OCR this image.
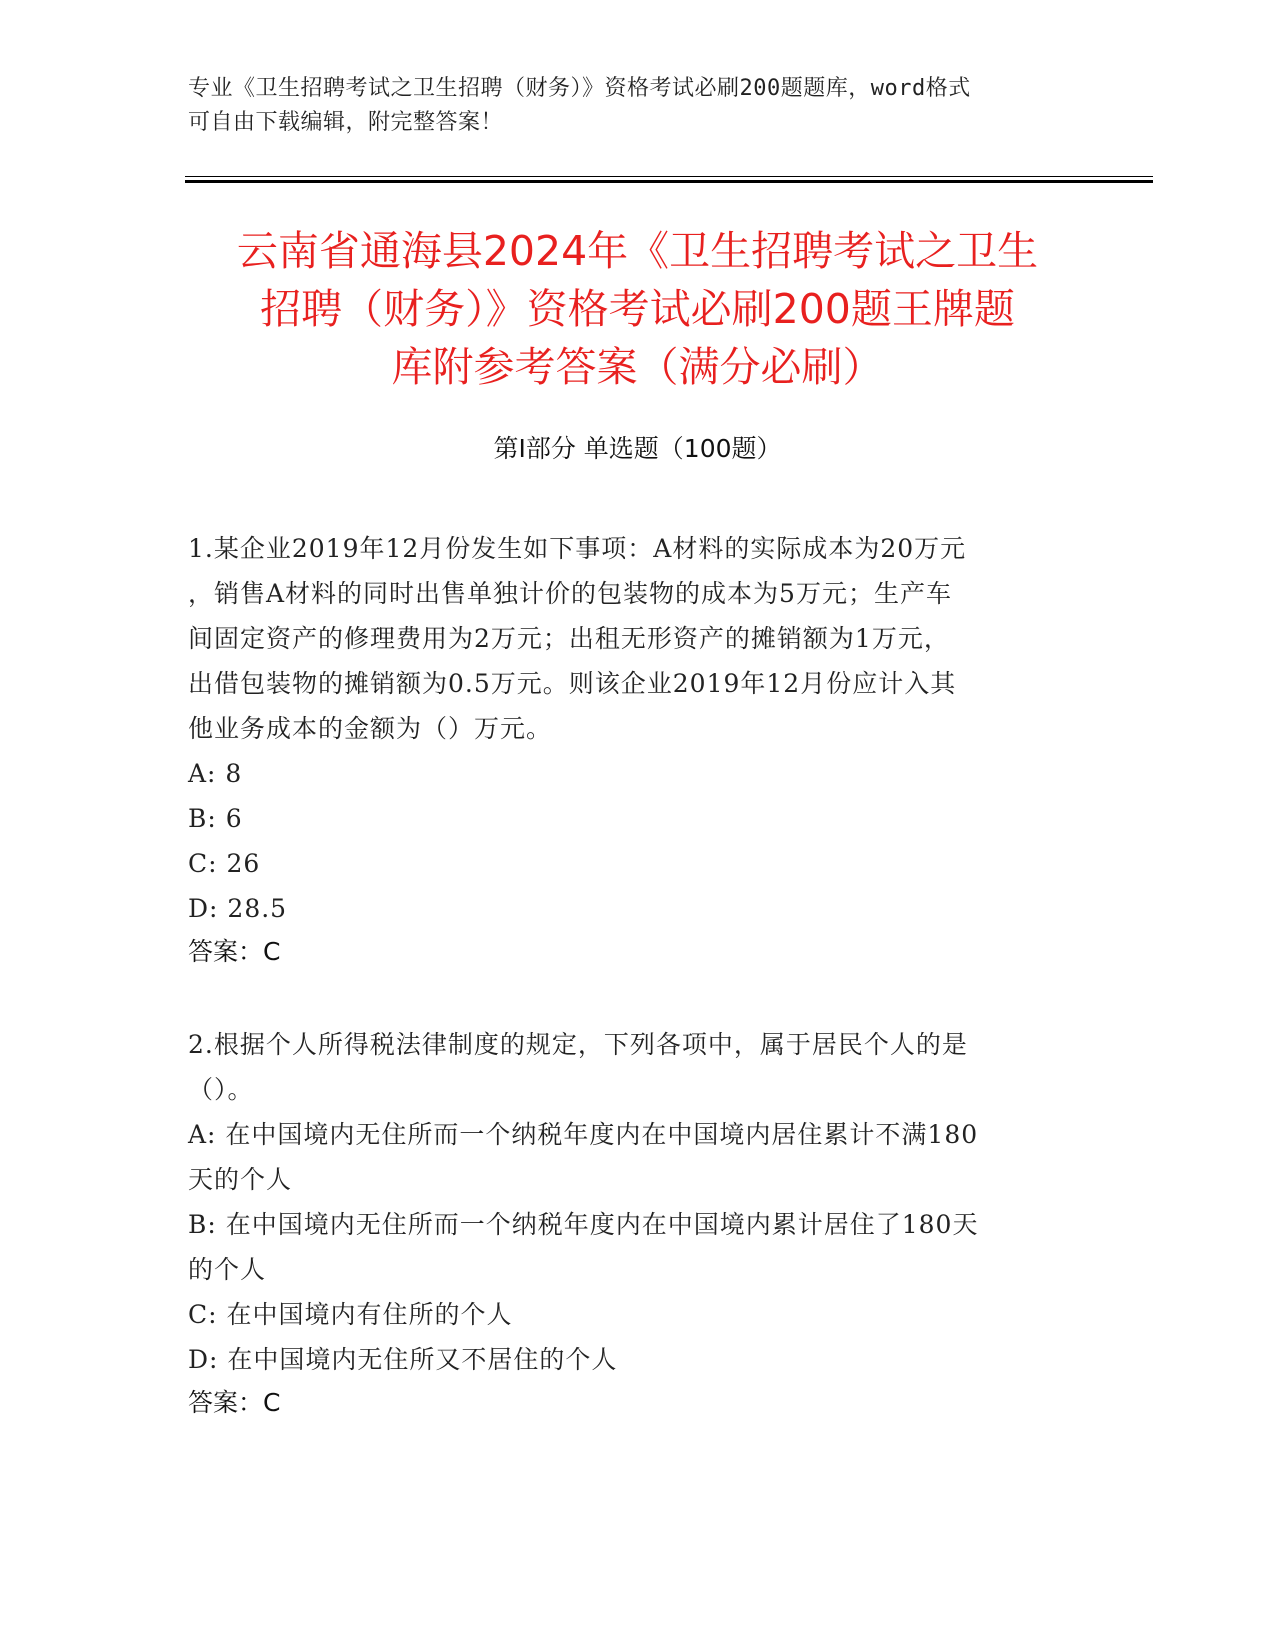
专业《卫生招聘考试之卫生招聘（财务）》资格考试必刷200题题库，word格式
可自由下载编辑，附完整答案！
云南省通海县2024年《卫生招聘考试之卫生
招聘（财务）》资格考试必刷200题王牌题
库附参考答案（满分必刷）
第Ⅰ部分 单选题（100题）

1.某企业2019年12月份发生如下事项：A材料的实际成本为20万元

，销售A材料的同时出售单独计价的包装物的成本为5万元；生产车

间固定资产的修理费用为2万元；出租无形资产的摊销额为1万元，

出借包装物的摊销额为0.5万元。则该企业2019年12月份应计入其

他业务成本的金额为（）万元。

A: 8

B: 6

C: 26

D: 28.5

答案：C

2.根据个人所得税法律制度的规定，下列各项中，属于居民个人的是

（）。

A: 在中国境内无住所而一个纳税年度内在中国境内居住累计不满180

天的个人

B: 在中国境内无住所而一个纳税年度内在中国境内累计居住了180天

的个人

C: 在中国境内有住所的个人

D: 在中国境内无住所又不居住的个人

答案：C
